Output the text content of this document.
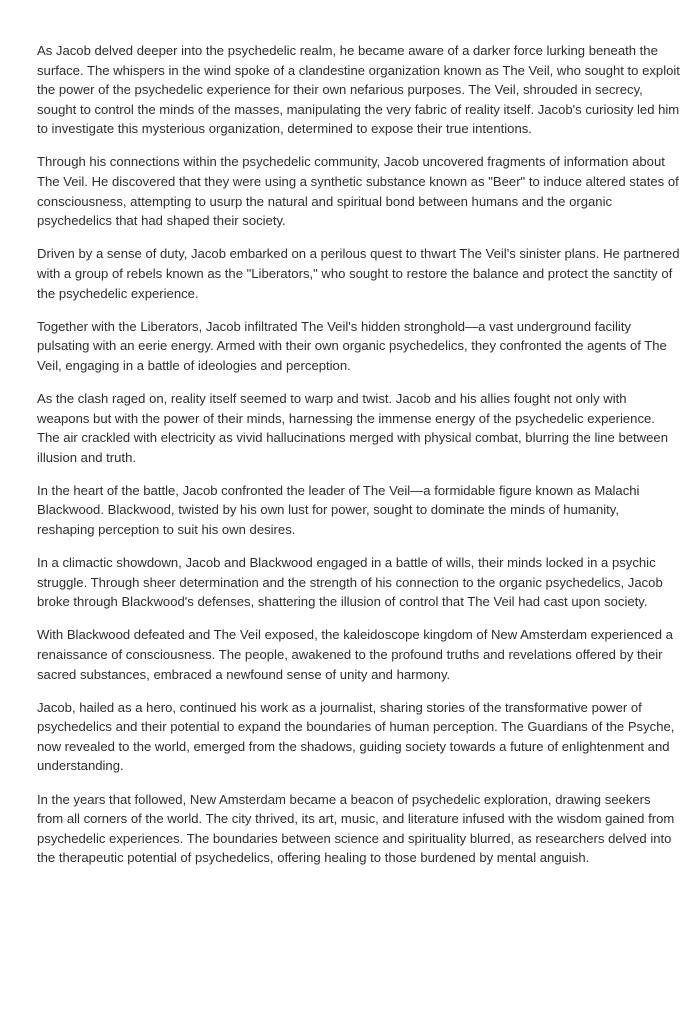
As Jacob delved deeper into the psychedelic realm, he became aware of a darker force lurking beneath the surface. The whispers in the wind spoke of a clandestine organization known as The Veil, who sought to exploit the power of the psychedelic experience for their own nefarious purposes. The Veil, shrouded in secrecy, sought to control the minds of the masses, manipulating the very fabric of reality itself. Jacob's curiosity led him to investigate this mysterious organization, determined to expose their true intentions.

Through his connections within the psychedelic community, Jacob uncovered fragments of information about The Veil. He discovered that they were using a synthetic substance known as "Beer" to induce altered states of consciousness, attempting to usurp the natural and spiritual bond between humans and the organic psychedelics that had shaped their society.

Driven by a sense of duty, Jacob embarked on a perilous quest to thwart The Veil's sinister plans. He partnered with a group of rebels known as the "Liberators," who sought to restore the balance and protect the sanctity of the psychedelic experience.

Together with the Liberators, Jacob infiltrated The Veil's hidden stronghold—a vast underground facility pulsating with an eerie energy. Armed with their own organic psychedelics, they confronted the agents of The Veil, engaging in a battle of ideologies and perception.

As the clash raged on, reality itself seemed to warp and twist. Jacob and his allies fought not only with weapons but with the power of their minds, harnessing the immense energy of the psychedelic experience. The air crackled with electricity as vivid hallucinations merged with physical combat, blurring the line between illusion and truth.

In the heart of the battle, Jacob confronted the leader of The Veil—a formidable figure known as Malachi Blackwood. Blackwood, twisted by his own lust for power, sought to dominate the minds of humanity, reshaping perception to suit his own desires.

In a climactic showdown, Jacob and Blackwood engaged in a battle of wills, their minds locked in a psychic struggle. Through sheer determination and the strength of his connection to the organic psychedelics, Jacob broke through Blackwood's defenses, shattering the illusion of control that The Veil had cast upon society.

With Blackwood defeated and The Veil exposed, the kaleidoscope kingdom of New Amsterdam experienced a renaissance of consciousness. The people, awakened to the profound truths and revelations offered by their sacred substances, embraced a newfound sense of unity and harmony.

Jacob, hailed as a hero, continued his work as a journalist, sharing stories of the transformative power of psychedelics and their potential to expand the boundaries of human perception. The Guardians of the Psyche, now revealed to the world, emerged from the shadows, guiding society towards a future of enlightenment and understanding.

In the years that followed, New Amsterdam became a beacon of psychedelic exploration, drawing seekers from all corners of the world. The city thrived, its art, music, and literature infused with the wisdom gained from psychedelic experiences. The boundaries between science and spirituality blurred, as researchers delved into the therapeutic potential of psychedelics, offering healing to those burdened by mental anguish.
